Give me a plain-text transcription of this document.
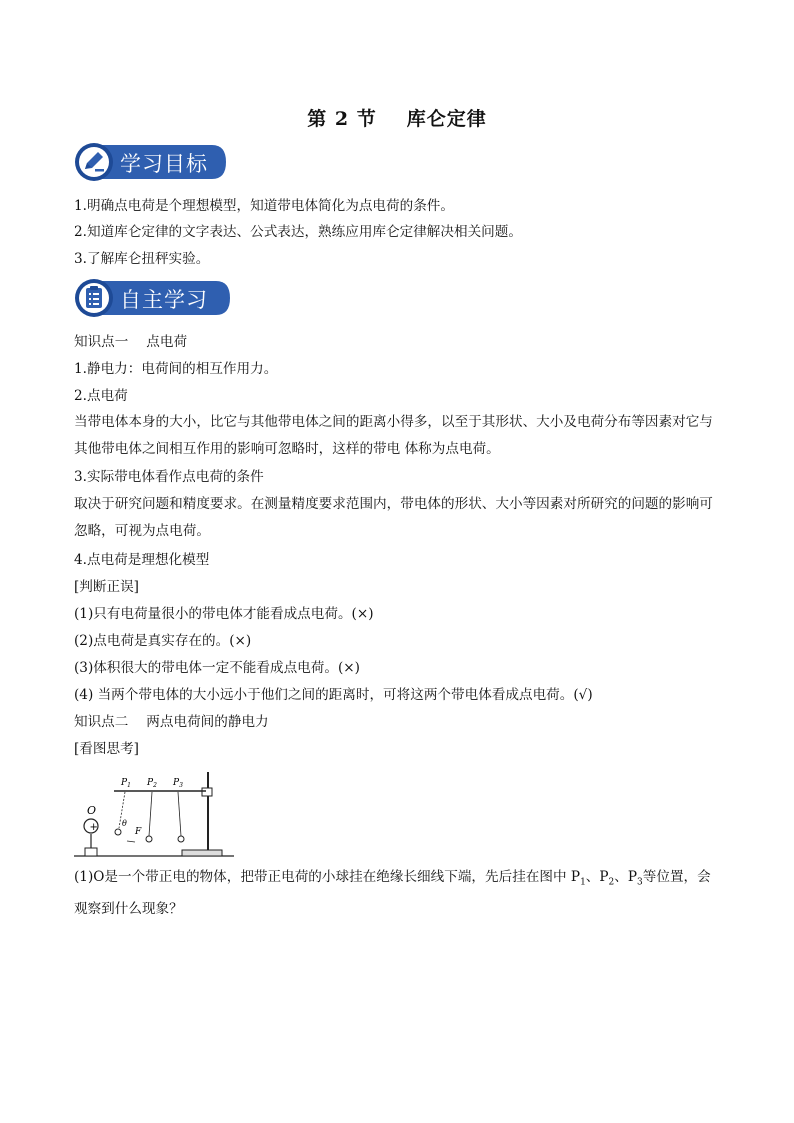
第 2 节 库仑定律
学习目标
1.明确点电荷是个理想模型，知道带电体简化为点电荷的条件。
2.知道库仑定律的文字表达、公式表达，熟练应用库仑定律解决相关问题。
3.了解库仑扭秤实验。
自主学习
知识点一　 点电荷
1.静电力：电荷间的相互作用力。
2.点电荷
当带电体本身的大小，比它与其他带电体之间的距离小得多，以至于其形状、大小及电荷分布等因素对它与其他带电体之间相互作用的影响可忽略时，这样的带电 体称为点电荷。
3.实际带电体看作点电荷的条件
取决于研究问题和精度要求。在测量精度要求范围内，带电体的形状、大小等因素对所研究的问题的影响可忽略，可视为点电荷。
4.点电荷是理想化模型
[判断正误]
(1)只有电荷量很小的带电体才能看成点电荷。(×)
(2)点电荷是真实存在的。(×)
(3)体积很大的带电体一定不能看成点电荷。(×)
(4) 当两个带电体的大小远小于他们之间的距离时，可将这两个带电体看成点电荷。(√)
知识点二　 两点电荷间的静电力
[看图思考]
+
O
$P_1$ $P_2$ $P_3$
θ
F
(1)O是一个带正电的物体，把带正电荷的小球挂在绝缘长细线下端，先后挂在图中 $P_1$、$P_2$、$P_3$等位置，会观察到什么现象？
